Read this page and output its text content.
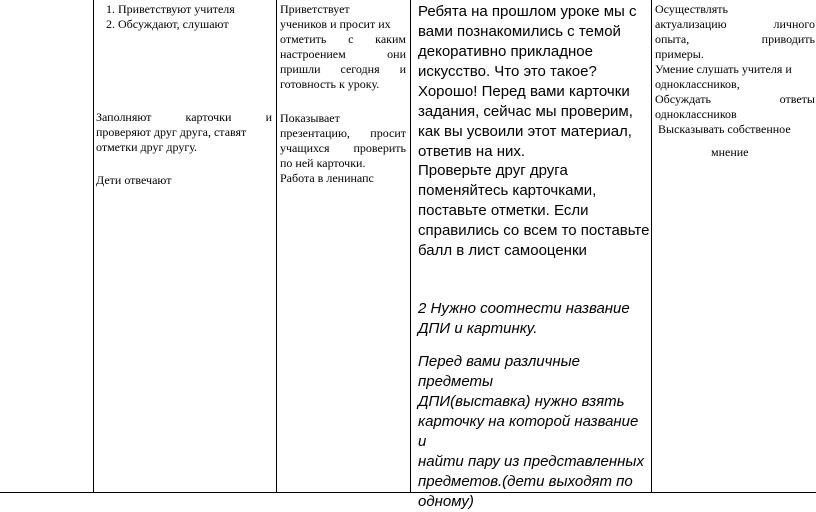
1. Приветствуют учителя
2. Обсуждают, слушают
Заполняют карточки и
проверяют друг друга, ставят
отметки друг другу.
Дети отвечают
Приветствует
учеников и просит их
отметить с каким
настроением они
пришли сегодня и
готовность к уроку.
Показывает
презентацию, просит
учащихся проверить
по ней карточки.
Работа в ленинапс
Ребята на прошлом уроке мы с
вами познакомились с темой
декоративно прикладное
искусство. Что это такое?
Хорошо! Перед вами карточки
задания, сейчас мы проверим,
как вы усвоили этот материал,
ответив на них.
Проверьте друг друга
поменяйтесь карточками,
поставьте отметки. Если
справились со всем то поставьте
балл в лист самооценки
2 Нужно соотнести название
ДПИ и картинку.
Перед вами различные предметы
ДПИ(выставка) нужно взять
карточку на которой название и
найти пару из представленных
предметов.(дети выходят по
одному)
Осуществлять
актуализацию личного
опыта, приводить
примеры.
Умение слушать учителя и
одноклассников,
Обсуждать ответы
одноклассников
Высказывать собственное
мнение
